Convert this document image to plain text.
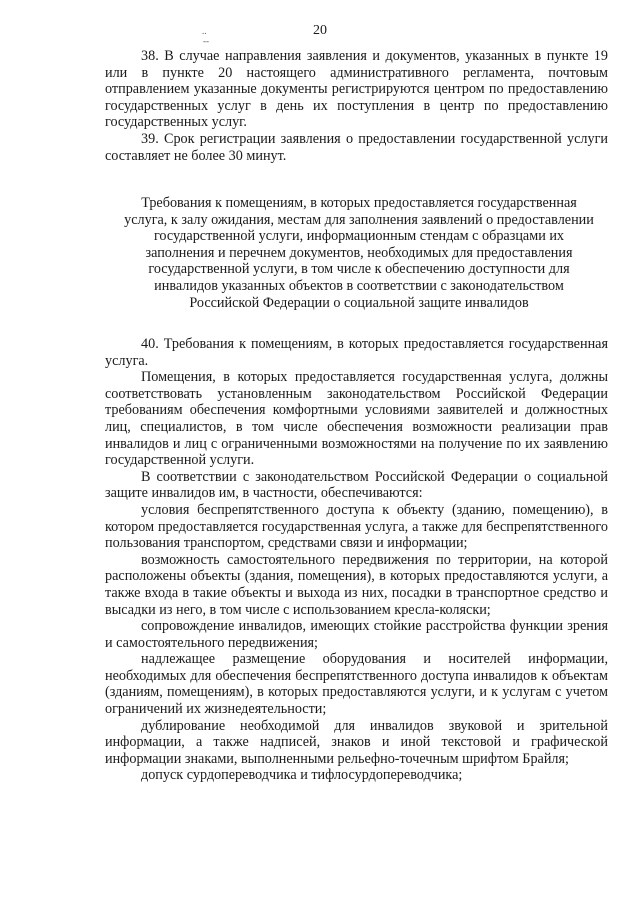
..
--
20

38. В случае направления заявления и документов, указанных в пункте 19 или в пункте 20 настоящего административного регламента, почтовым отправлением указанные документы регистрируются центром по предоставлению государственных услуг в день их поступления в центр по предоставлению государственных услуг.

39. Срок регистрации заявления о предоставлении государственной услуги составляет не более 30 минут.

Требования к помещениям, в которых предоставляется государственная
услуга, к залу ожидания, местам для заполнения заявлений о предоставлении
государственной услуги, информационным стендам с образцами их
заполнения и перечнем документов, необходимых для предоставления
государственной услуги, в том числе к обеспечению доступности для
инвалидов указанных объектов в соответствии с законодательством
Российской Федерации о социальной защите инвалидов

40. Требования к помещениям, в которых предоставляется государственная услуга.

Помещения, в которых предоставляется государственная услуга, должны соответствовать установленным законодательством Российской Федерации требованиям обеспечения комфортными условиями заявителей и должностных лиц, специалистов, в том числе обеспечения возможности реализации прав инвалидов и лиц с ограниченными возможностями на получение по их заявлению государственной услуги.

В соответствии с законодательством Российской Федерации о социальной защите инвалидов им, в частности, обеспечиваются:

условия беспрепятственного доступа к объекту (зданию, помещению), в котором предоставляется государственная услуга, а также для беспрепятственного пользования транспортом, средствами связи и информации;

возможность самостоятельного передвижения по территории, на которой расположены объекты (здания, помещения), в которых предоставляются услуги, а также входа в такие объекты и выхода из них, посадки в транспортное средство и высадки из него, в том числе с использованием кресла-коляски;

сопровождение инвалидов, имеющих стойкие расстройства функции зрения и самостоятельного передвижения;

надлежащее размещение оборудования и носителей информации, необходимых для обеспечения беспрепятственного доступа инвалидов к объектам (зданиям, помещениям), в которых предоставляются услуги, и к услугам с учетом ограничений их жизнедеятельности;

дублирование необходимой для инвалидов звуковой и зрительной информации, а также надписей, знаков и иной текстовой и графической информации знаками, выполненными рельефно-точечным шрифтом Брайля;

допуск сурдопереводчика и тифлосурдопереводчика;
